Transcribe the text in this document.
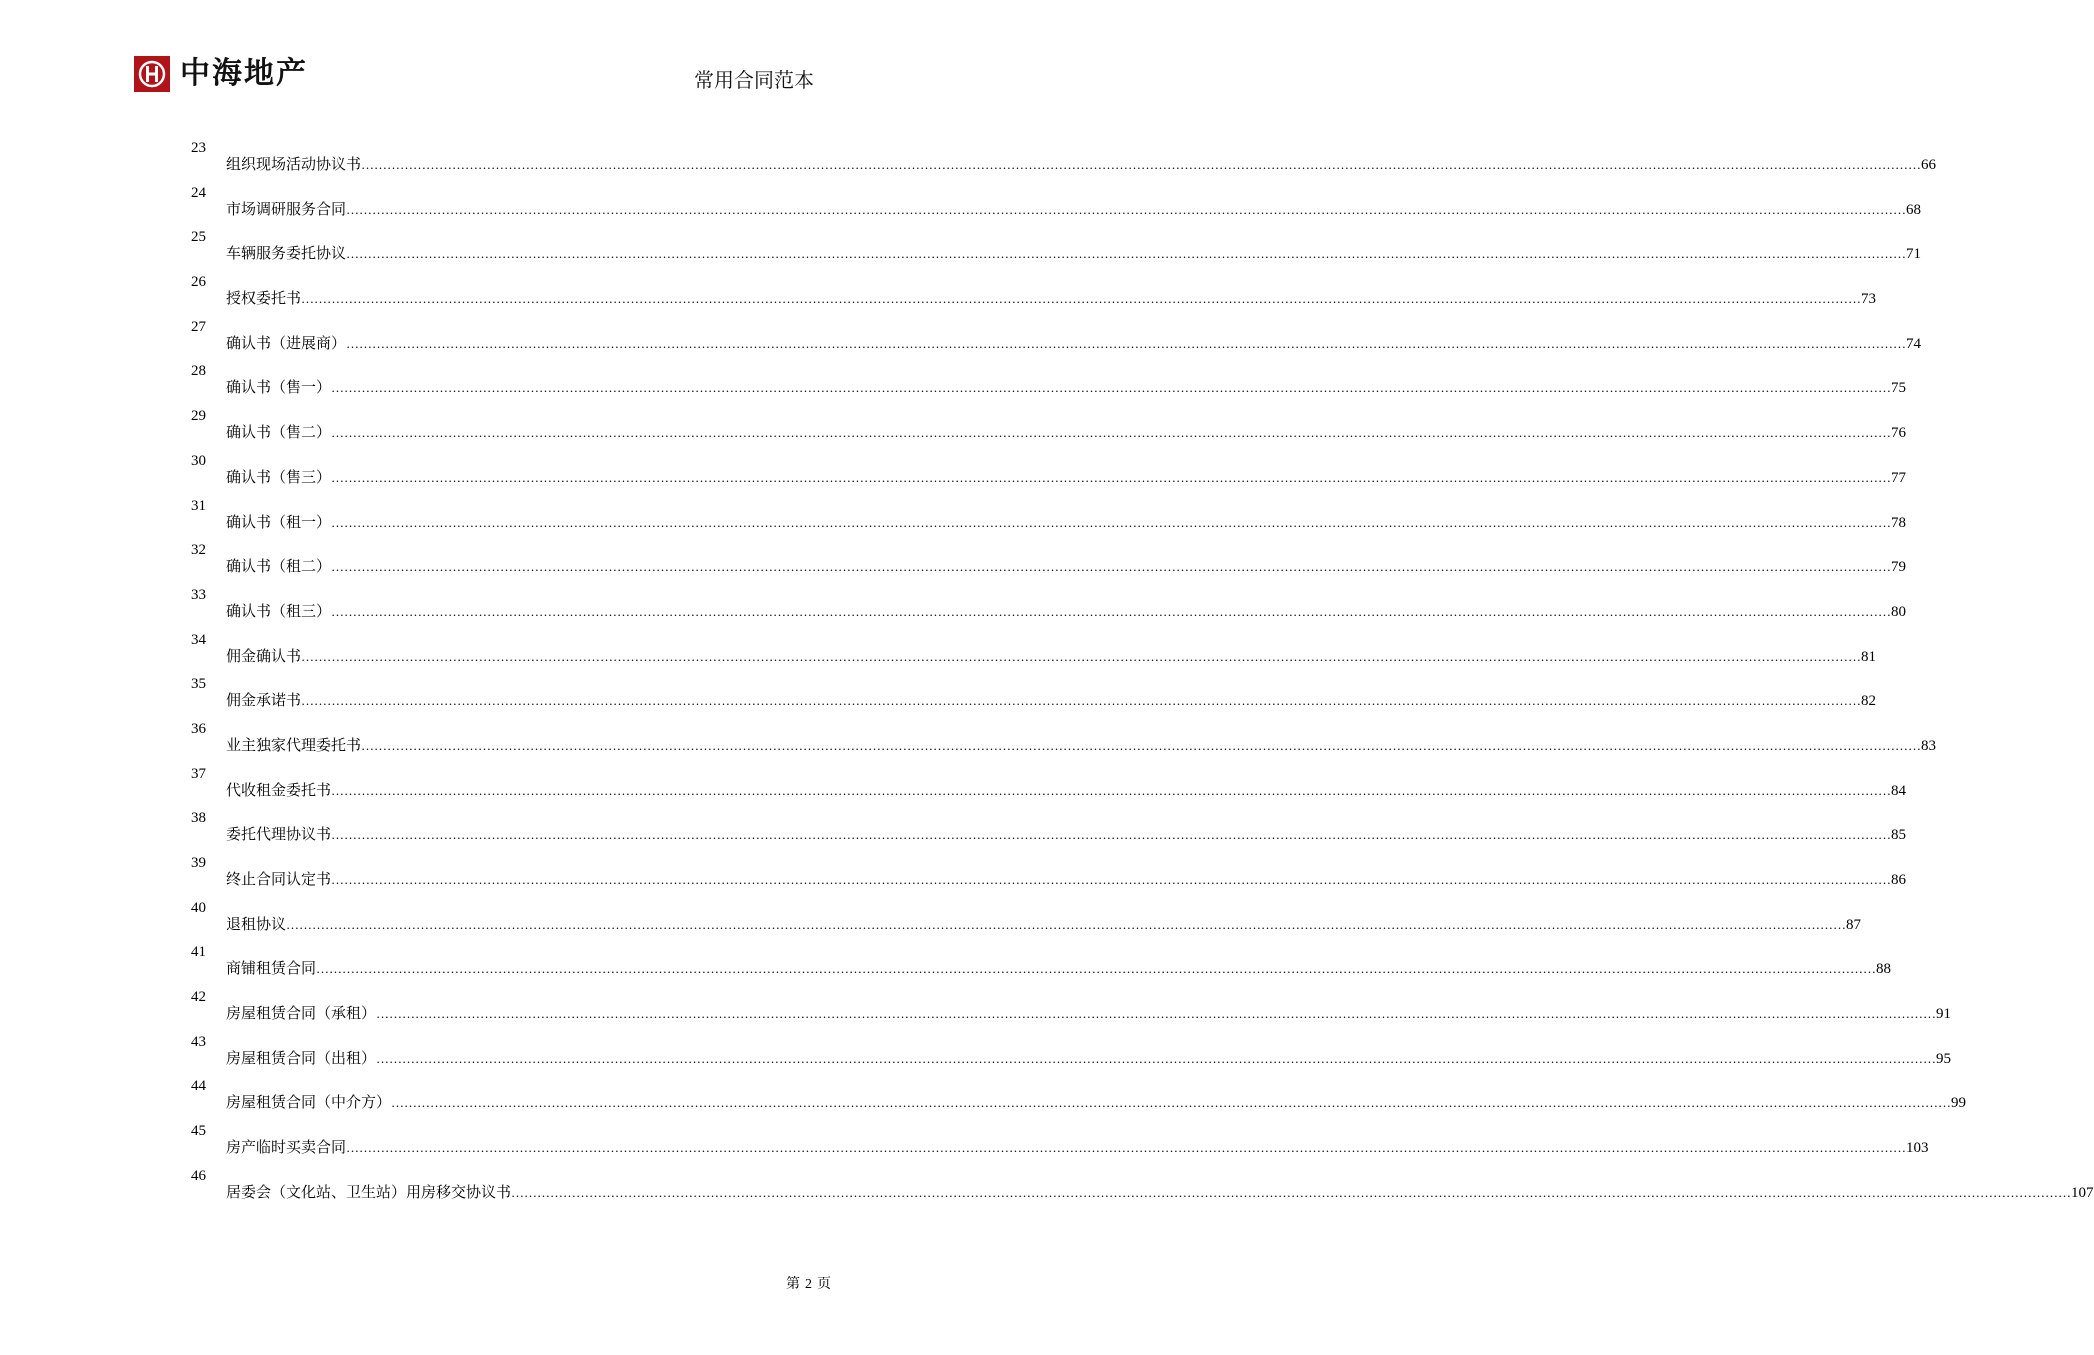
中海地产	常用合同范本
23
组织现场活动协议书 ……………………………………………………………………………………………………………………………………………………………………………………………………………………………………………………………………………………………………………………………… 66
24
市场调研服务合同 ……………………………………………………………………………………………………………………………………………………………………………………………………………………………………………………………………………………………………………………………… 68
25
车辆服务委托协议 ……………………………………………………………………………………………………………………………………………………………………………………………………………………………………………………………………………………………………………………………… 71
26
授权委托书 ……………………………………………………………………………………………………………………………………………………………………………………………………………………………………………………………………………………………………………………………… 73
27
确认书（进展商） ……………………………………………………………………………………………………………………………………………………………………………………………………………………………………………………………………………………………………………………………… 74
28
确认书（售一） ……………………………………………………………………………………………………………………………………………………………………………………………………………………………………………………………………………………………………………………………… 75
29
确认书（售二） ……………………………………………………………………………………………………………………………………………………………………………………………………………………………………………………………………………………………………………………………… 76
30
确认书（售三） ……………………………………………………………………………………………………………………………………………………………………………………………………………………………………………………………………………………………………………………………… 77
31
确认书（租一） ……………………………………………………………………………………………………………………………………………………………………………………………………………………………………………………………………………………………………………………………… 78
32
确认书（租二） ……………………………………………………………………………………………………………………………………………………………………………………………………………………………………………………………………………………………………………………………… 79
33
确认书（租三） ……………………………………………………………………………………………………………………………………………………………………………………………………………………………………………………………………………………………………………………………… 80
34
佣金确认书 ……………………………………………………………………………………………………………………………………………………………………………………………………………………………………………………………………………………………………………………………… 81
35
佣金承诺书 ……………………………………………………………………………………………………………………………………………………………………………………………………………………………………………………………………………………………………………………………… 82
36
业主独家代理委托书 ……………………………………………………………………………………………………………………………………………………………………………………………………………………………………………………………………………………………………………………………… 83
37
代收租金委托书 ……………………………………………………………………………………………………………………………………………………………………………………………………………………………………………………………………………………………………………………………… 84
38
委托代理协议书 ……………………………………………………………………………………………………………………………………………………………………………………………………………………………………………………………………………………………………………………………… 85
39
终止合同认定书 ……………………………………………………………………………………………………………………………………………………………………………………………………………………………………………………………………………………………………………………………… 86
40
退租协议 ……………………………………………………………………………………………………………………………………………………………………………………………………………………………………………………………………………………………………………………………… 87
41
商铺租赁合同 ……………………………………………………………………………………………………………………………………………………………………………………………………………………………………………………………………………………………………………………………… 88
42
房屋租赁合同（承租） ……………………………………………………………………………………………………………………………………………………………………………………………………………………………………………………………………………………………………………………………… 91
43
房屋租赁合同（出租） ……………………………………………………………………………………………………………………………………………………………………………………………………………………………………………………………………………………………………………………………… 95
44
房屋租赁合同（中介方） ……………………………………………………………………………………………………………………………………………………………………………………………………………………………………………………………………………………………………………………………… 99
45
房产临时买卖合同 ……………………………………………………………………………………………………………………………………………………………………………………………………………………………………………………………………………………………………………………………… 103
46
居委会（文化站、卫生站）用房移交协议书 ……………………………………………………………………………………………………………………………………………………………………………………………………………………………………………………………………………………………………………………………… 107
第 2 页
